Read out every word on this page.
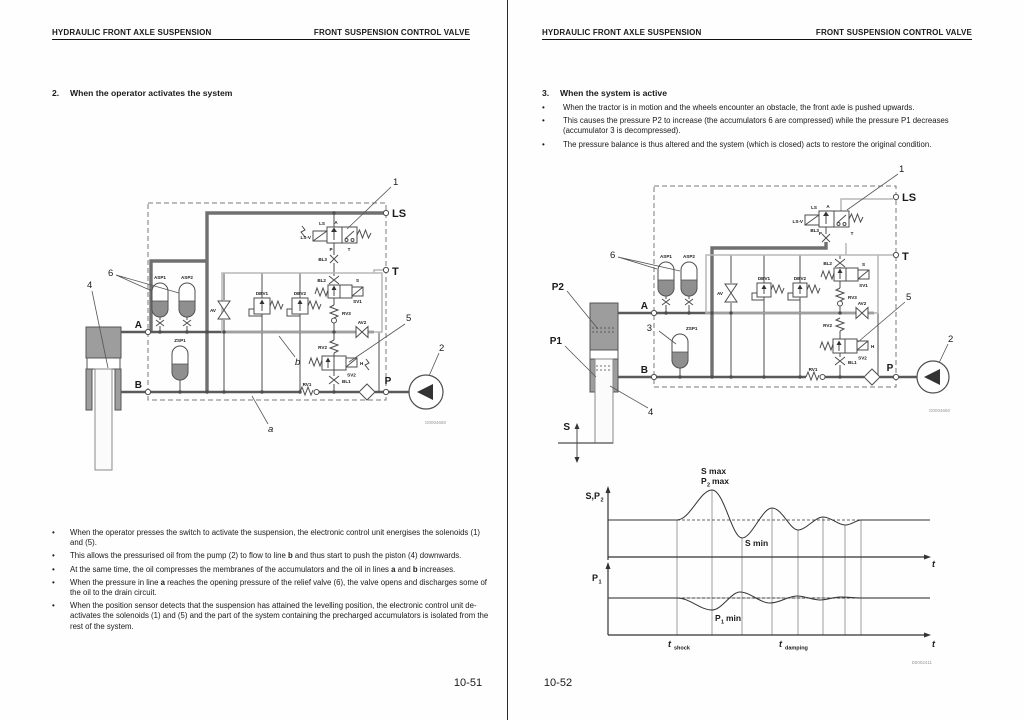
HYDRAULIC FRONT AXLE SUSPENSION	FRONT SUSPENSION CONTROL VALVE
2.	When the operator activates the system
LS A
P	T
LS-V
BL3
BL2	S
SV1
RV3
RV2
H
SV2
BL1
RV1
DBV1	DBV2
AV
AV2
ASP1	ASP2
ZSP1
LS
T
P
A
B
1
2
4
5
6
a
b
D0004650
•	When the operator presses the switch to activate the suspension, the electronic control unit energises the solenoids (1) and (5).
•	This allows the pressurised oil from the pump (2) to flow to line b and thus start to push the piston (4) downwards.
•	At the same time, the oil compresses the membranes of the accumulators and the oil in lines a and b increases.
•	When the pressure in line a reaches the opening pressure of the relief valve (6), the valve opens and discharges some of the oil to the drain circuit.
•	When the position sensor detects that the suspension has attained the levelling position, the electronic control unit de-activates the solenoids (1) and (5) and the part of the system containing the precharged accumulators is isolated from the rest of the system.
10-51
HYDRAULIC FRONT AXLE SUSPENSION	FRONT SUSPENSION CONTROL VALVE
3.	When the system is active
•	When the tractor is in motion and the wheels encounter an obstacle, the front axle is pushed upwards.
•	This causes the pressure P2 to increase (the accumulators 6 are compressed) while the pressure P1 decreases (accumulator 3 is decompressed).
•	The pressure balance is thus altered and the system (which is closed) acts to restore the original condition.
S
LS A
P	T
LS-V
BL3
BL2	S
SV1
RV3
RV2
H
SV2
BL1
RV1
DBV1	DBV2
AV
AV2
ASP1 ASP2
ZSP1
LS
T
P
A
B
1
2
3
4
5
6
P2
P1
D0004660
S,P 2
P 1
S max
P 2 max
S min
P 1 min
t
t
t shock	t damping
D0002411
10-52
